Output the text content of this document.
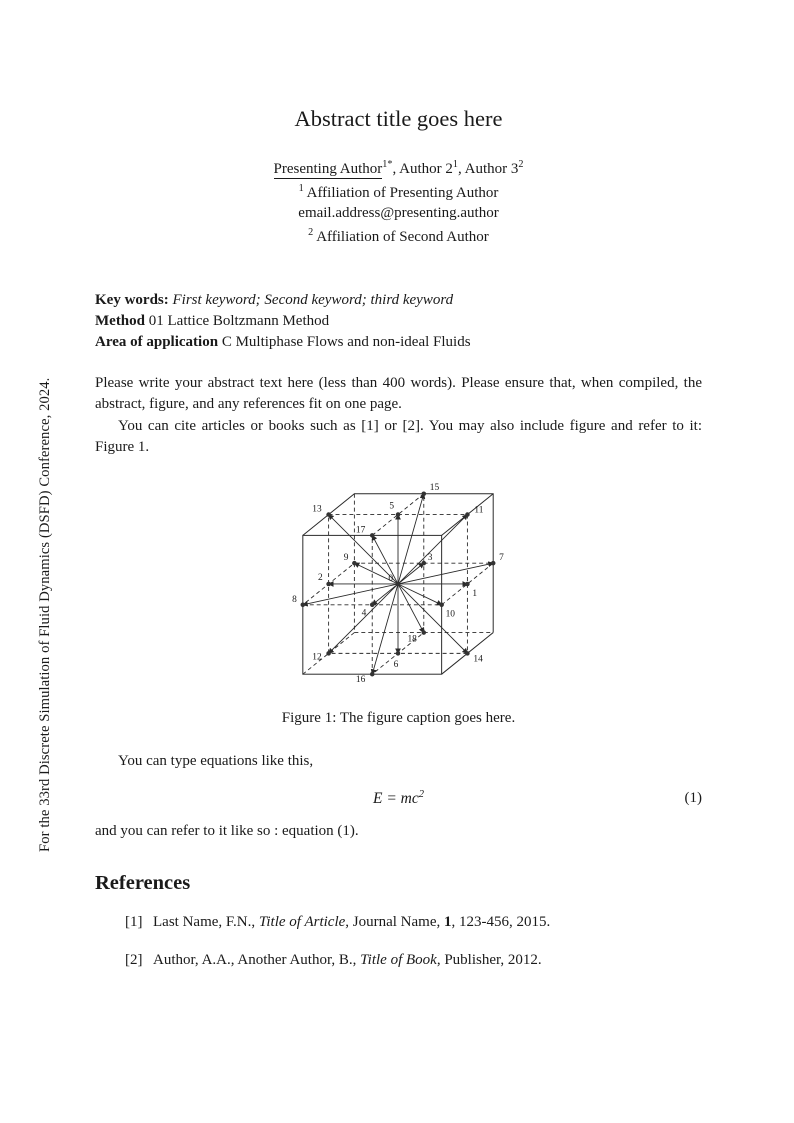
For the 33rd Discrete Simulation of Fluid Dynamics (DSFD) Conference, 2024.
Abstract title goes here
Presenting Author$^{1*}$, Author $2^1$, Author $3^2$
$^1$ Affiliation of Presenting Author
email.address@presenting.author
$^2$ Affiliation of Second Author
Key words: First keyword; Second keyword; third keyword
Method 01 Lattice Boltzmann Method
Area of application C Multiphase Flows and non-ideal Fluids

Please write your abstract text here (less than 400 words). Please ensure that, when compiled, the abstract, figure, and any references fit on one page.

You can cite articles or books such as [1] or [2]. You may also include figure and refer to it: Figure 1.

0
1
2
3
4
5
6
7
8
9
10
11
12
13
14
15
16
17
18
Figure 1: The figure caption goes here.

You can type equations like this,

$E = mc^2$	(1)

and you can refer to it like so : equation (1).

References
[1] Last Name, F.N., Title of Article, Journal Name, 1, 123-456, 2015.
[2] Author, A.A., Another Author, B., Title of Book, Publisher, 2012.
